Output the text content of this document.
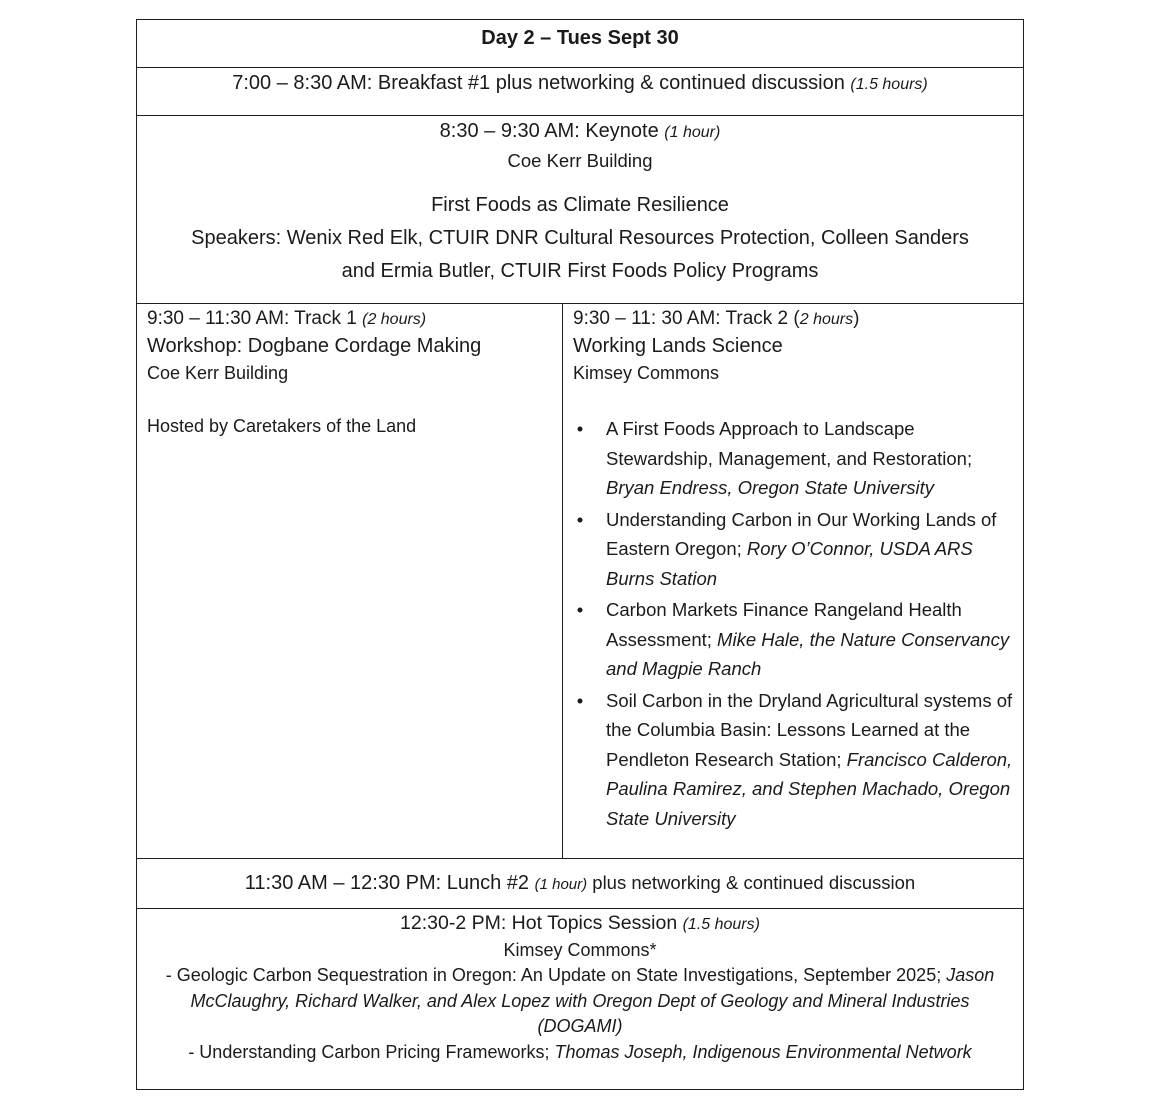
Day 2 – Tues Sept 30

7:00 – 8:30 AM: Breakfast #1 plus networking & continued discussion (1.5 hours)

8:30 – 9:30 AM: Keynote (1 hour)
Coe Kerr Building
First Foods as Climate Resilience
Speakers: Wenix Red Elk, CTUIR DNR Cultural Resources Protection, Colleen Sanders
and Ermia Butler, CTUIR First Foods Policy Programs

9:30 – 11:30 AM: Track 1 (2 hours)
Workshop: Dogbane Cordage Making
Coe Kerr Building
Hosted by Caretakers of the Land

9:30 – 11: 30 AM: Track 2 (2 hours)
Working Lands Science
Kimsey Commons
• A First Foods Approach to Landscape Stewardship, Management, and Restoration; Bryan Endress, Oregon State University
• Understanding Carbon in Our Working Lands of Eastern Oregon; Rory O’Connor, USDA ARS Burns Station
• Carbon Markets Finance Rangeland Health Assessment; Mike Hale, the Nature Conservancy and Magpie Ranch
• Soil Carbon in the Dryland Agricultural systems of the Columbia Basin: Lessons Learned at the Pendleton Research Station; Francisco Calderon, Paulina Ramirez, and Stephen Machado, Oregon State University

11:30 AM – 12:30 PM: Lunch #2 (1 hour) plus networking & continued discussion

12:30-2 PM: Hot Topics Session (1.5 hours)
Kimsey Commons*
- Geologic Carbon Sequestration in Oregon: An Update on State Investigations, September 2025; Jason McClaughry, Richard Walker, and Alex Lopez with Oregon Dept of Geology and Mineral Industries (DOGAMI)
- Understanding Carbon Pricing Frameworks; Thomas Joseph, Indigenous Environmental Network
